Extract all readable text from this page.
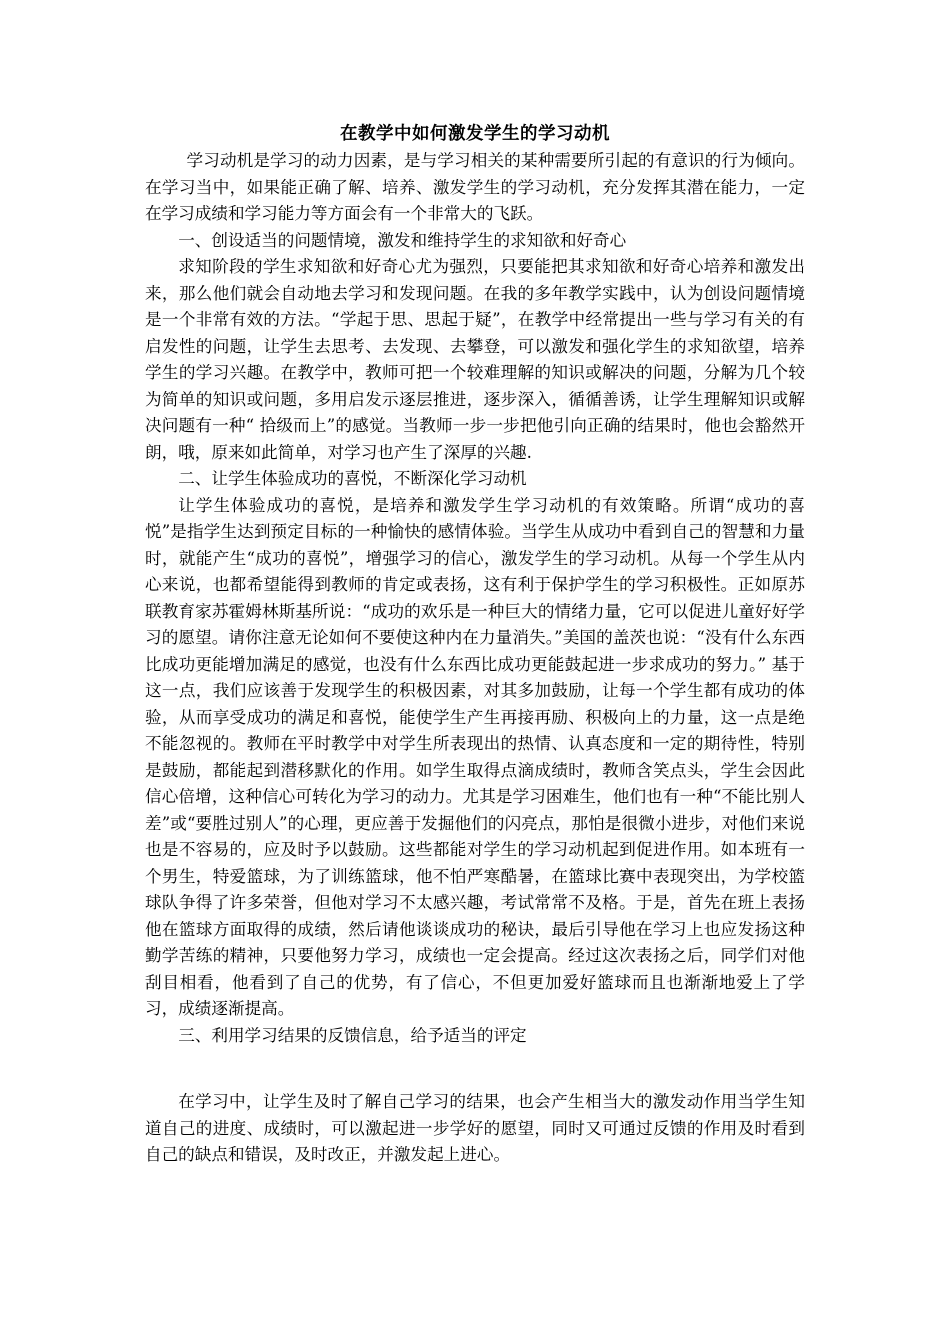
在教学中如何激发学生的学习动机

学习动机是学习的动力因素，是与学习相关的某种需要所引起的有意识的行为倾向。在学习当中，如果能正确了解、培养、激发学生的学习动机，充分发挥其潜在能力，一定在学习成绩和学习能力等方面会有一个非常大的飞跃。

一、创设适当的问题情境，激发和维持学生的求知欲和好奇心

求知阶段的学生求知欲和好奇心尤为强烈，只要能把其求知欲和好奇心培养和激发出来，那么他们就会自动地去学习和发现问题。在我的多年教学实践中，认为创设问题情境是一个非常有效的方法。“学起于思、思起于疑”，在教学中经常提出一些与学习有关的有启发性的问题，让学生去思考、去发现、去攀登，可以激发和强化学生的求知欲望，培养学生的学习兴趣。在教学中，教师可把一个较难理解的知识或解决的问题，分解为几个较为简单的知识或问题，多用启发示逐层推进，逐步深入，循循善诱，让学生理解知识或解决问题有一种“ 拾级而上”的感觉。当教师一步一步把他引向正确的结果时，他也会豁然开朗，哦，原来如此简单，对学习也产生了深厚的兴趣.

二、让学生体验成功的喜悦，不断深化学习动机

让学生体验成功的喜悦，是培养和激发学生学习动机的有效策略。所谓“成功的喜悦”是指学生达到预定目标的一种愉快的感情体验。当学生从成功中看到自己的智慧和力量时，就能产生“成功的喜悦”，增强学习的信心，激发学生的学习动机。从每一个学生从内心来说，也都希望能得到教师的肯定或表扬，这有利于保护学生的学习积极性。正如原苏联教育家苏霍姆林斯基所说：“成功的欢乐是一种巨大的情绪力量，它可以促进儿童好好学习的愿望。请你注意无论如何不要使这种内在力量消失。”美国的盖茨也说：“没有什么东西比成功更能增加满足的感觉，也没有什么东西比成功更能鼓起进一步求成功的努力。” 基于这一点，我们应该善于发现学生的积极因素，对其多加鼓励，让每一个学生都有成功的体验，从而享受成功的满足和喜悦，能使学生产生再接再励、积极向上的力量，这一点是绝不能忽视的。教师在平时教学中对学生所表现出的热情、认真态度和一定的期待性，特别是鼓励，都能起到潜移默化的作用。如学生取得点滴成绩时，教师含笑点头，学生会因此信心倍增，这种信心可转化为学习的动力。尤其是学习困难生，他们也有一种“不能比别人差”或“要胜过别人”的心理，更应善于发掘他们的闪亮点，那怕是很微小进步，对他们来说也是不容易的，应及时予以鼓励。这些都能对学生的学习动机起到促进作用。如本班有一个男生，特爱篮球，为了训练篮球，他不怕严寒酷暑，在篮球比赛中表现突出，为学校篮球队争得了许多荣誉，但他对学习不太感兴趣，考试常常不及格。于是，首先在班上表扬他在篮球方面取得的成绩，然后请他谈谈成功的秘诀，最后引导他在学习上也应发扬这种勤学苦练的精神，只要他努力学习，成绩也一定会提高。经过这次表扬之后，同学们对他刮目相看，他看到了自己的优势，有了信心，不但更加爱好篮球而且也渐渐地爱上了学习，成绩逐渐提高。

三、利用学习结果的反馈信息，给予适当的评定

在学习中，让学生及时了解自己学习的结果，也会产生相当大的激发动作用当学生知道自己的进度、成绩时，可以激起进一步学好的愿望，同时又可通过反馈的作用及时看到自己的缺点和错误，及时改正，并激发起上进心。
